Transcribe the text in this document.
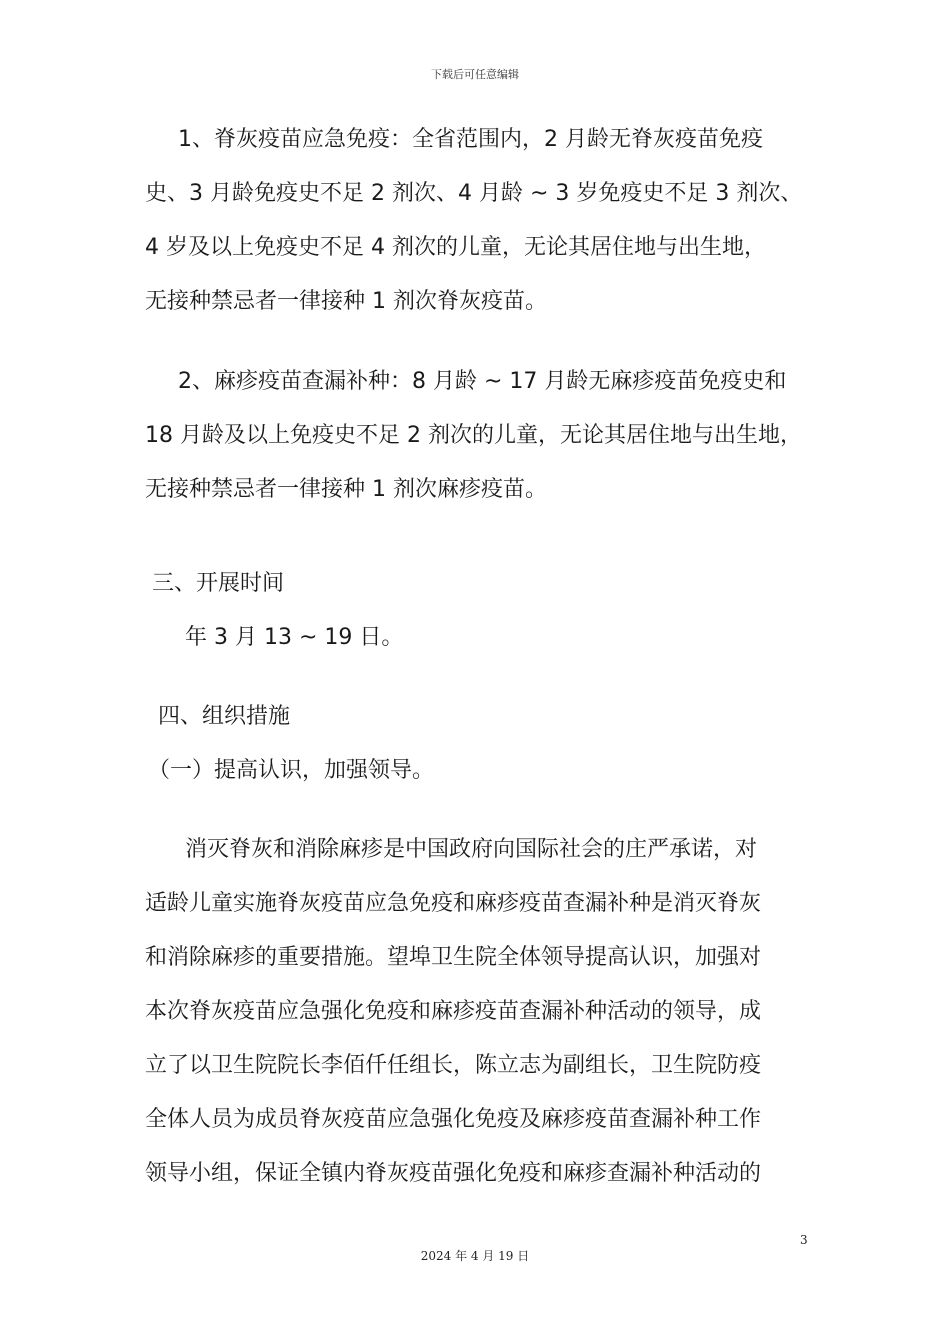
下载后可任意编辑
1、脊灰疫苗应急免疫：全省范围内，2 月龄无脊灰疫苗免疫
史、3 月龄免疫史不足 2 剂次、4 月龄 ~ 3 岁免疫史不足 3 剂次、
4 岁及以上免疫史不足 4 剂次的儿童，无论其居住地与出生地，
无接种禁忌者一律接种 1 剂次脊灰疫苗。
2、麻疹疫苗查漏补种：8 月龄 ~ 17 月龄无麻疹疫苗免疫史和
18 月龄及以上免疫史不足 2 剂次的儿童，无论其居住地与出生地，
无接种禁忌者一律接种 1 剂次麻疹疫苗。
三、开展时间
年 3 月 13 ~ 19 日。
四、组织措施
（一）提高认识，加强领导。
消灭脊灰和消除麻疹是中国政府向国际社会的庄严承诺，对
适龄儿童实施脊灰疫苗应急免疫和麻疹疫苗查漏补种是消灭脊灰
和消除麻疹的重要措施。望埠卫生院全体领导提高认识，加强对
本次脊灰疫苗应急强化免疫和麻疹疫苗查漏补种活动的领导，成
立了以卫生院院长李佰仟任组长，陈立志为副组长，卫生院防疫
全体人员为成员脊灰疫苗应急强化免疫及麻疹疫苗查漏补种工作
领导小组，保证全镇内脊灰疫苗强化免疫和麻疹查漏补种活动的
3
2024 年 4 月 19 日
